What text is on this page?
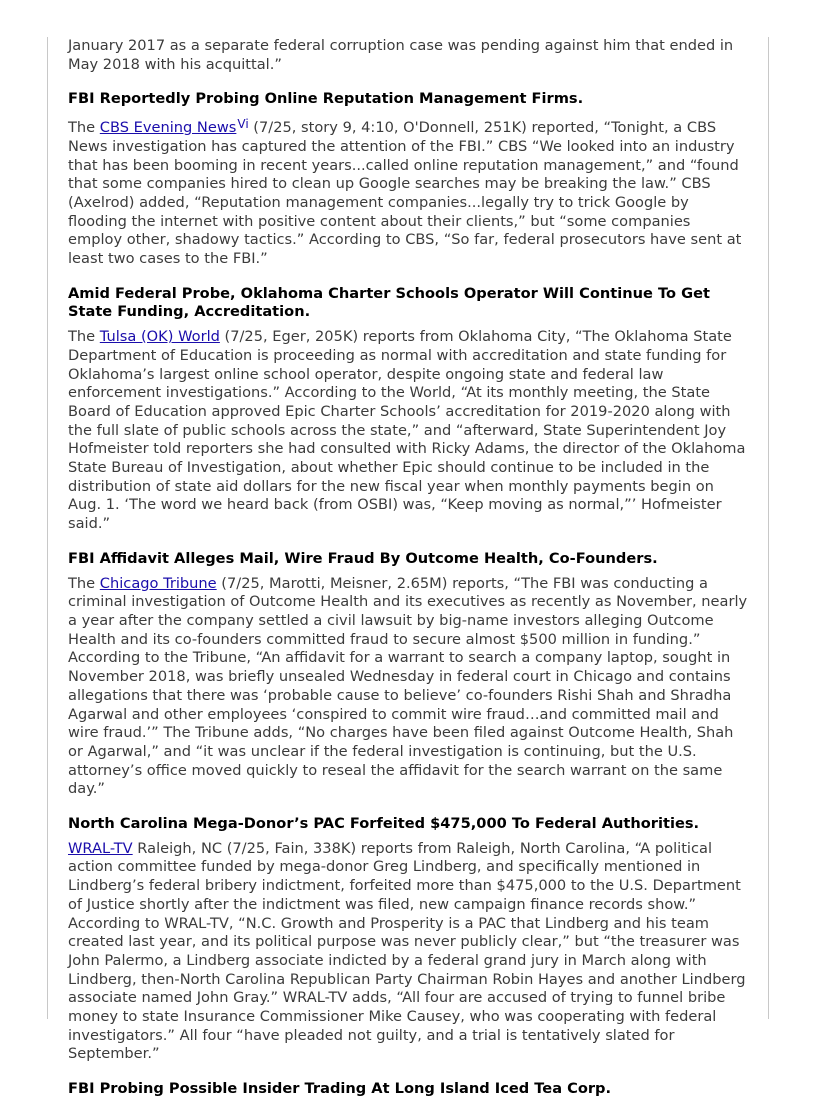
January 2017 as a separate federal corruption case was pending against him that ended in May 2018 with his acquittal.”

FBI Reportedly Probing Online Reputation Management Firms.

The CBS Evening News$^{Vi}$ (7/25, story 9, 4:10, O'Donnell, 251K) reported, “Tonight, a CBS News investigation has captured the attention of the FBI.” CBS “We looked into an industry that has been booming in recent years...called online reputation management,” and “found that some companies hired to clean up Google searches may be breaking the law.” CBS (Axelrod) added, “Reputation management companies...legally try to trick Google by flooding the internet with positive content about their clients,” but “some companies employ other, shadowy tactics.” According to CBS, “So far, federal prosecutors have sent at least two cases to the FBI.”

Amid Federal Probe, Oklahoma Charter Schools Operator Will Continue To Get State Funding, Accreditation.

The Tulsa (OK) World (7/25, Eger, 205K) reports from Oklahoma City, “The Oklahoma State Department of Education is proceeding as normal with accreditation and state funding for Oklahoma’s largest online school operator, despite ongoing state and federal law enforcement investigations.” According to the World, “At its monthly meeting, the State Board of Education approved Epic Charter Schools’ accreditation for 2019-2020 along with the full slate of public schools across the state,” and “afterward, State Superintendent Joy Hofmeister told reporters she had consulted with Ricky Adams, the director of the Oklahoma State Bureau of Investigation, about whether Epic should continue to be included in the distribution of state aid dollars for the new fiscal year when monthly payments begin on Aug. 1. ‘The word we heard back (from OSBI) was, “Keep moving as normal,”’ Hofmeister said.”

FBI Affidavit Alleges Mail, Wire Fraud By Outcome Health, Co-Founders.

The Chicago Tribune (7/25, Marotti, Meisner, 2.65M) reports, “The FBI was conducting a criminal investigation of Outcome Health and its executives as recently as November, nearly a year after the company settled a civil lawsuit by big-name investors alleging Outcome Health and its co-founders committed fraud to secure almost $500 million in funding.” According to the Tribune, “An affidavit for a warrant to search a company laptop, sought in November 2018, was briefly unsealed Wednesday in federal court in Chicago and contains allegations that there was ‘probable cause to believe’ co-founders Rishi Shah and Shradha Agarwal and other employees ‘conspired to commit wire fraud…and committed mail and wire fraud.’” The Tribune adds, “No charges have been filed against Outcome Health, Shah or Agarwal,” and “it was unclear if the federal investigation is continuing, but the U.S. attorney’s office moved quickly to reseal the affidavit for the search warrant on the same day.”

North Carolina Mega-Donor’s PAC Forfeited $475,000 To Federal Authorities.

WRAL-TV Raleigh, NC (7/25, Fain, 338K) reports from Raleigh, North Carolina, “A political action committee funded by mega-donor Greg Lindberg, and specifically mentioned in Lindberg’s federal bribery indictment, forfeited more than $475,000 to the U.S. Department of Justice shortly after the indictment was filed, new campaign finance records show.” According to WRAL-TV, “N.C. Growth and Prosperity is a PAC that Lindberg and his team created last year, and its political purpose was never publicly clear,” but “the treasurer was John Palermo, a Lindberg associate indicted by a federal grand jury in March along with Lindberg, then-North Carolina Republican Party Chairman Robin Hayes and another Lindberg associate named John Gray.” WRAL-TV adds, “All four are accused of trying to funnel bribe money to state Insurance Commissioner Mike Causey, who was cooperating with federal investigators.” All four “have pleaded not guilty, and a trial is tentatively slated for September.”

FBI Probing Possible Insider Trading At Long Island Iced Tea Corp.
